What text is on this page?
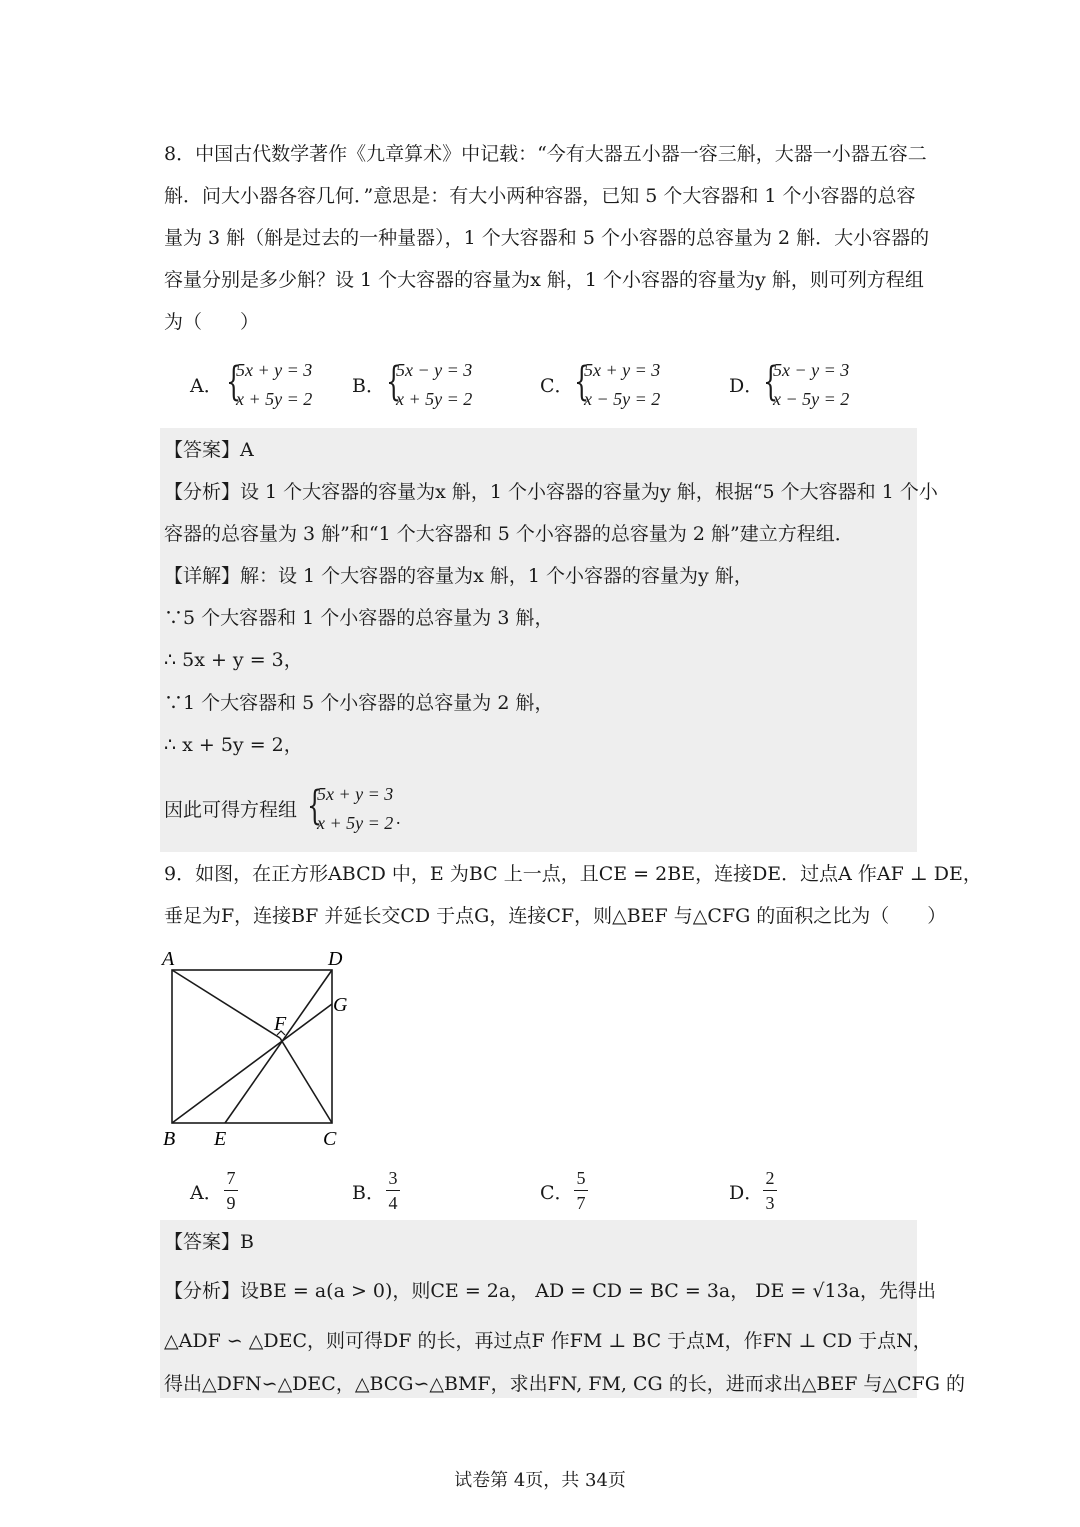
8．中国古代数学著作《九章算术》中记载：“今有大器五小器一容三斛，大器一小器五容二
斛．问大小器各容几何．”意思是：有大小两种容器，已知 5 个大容器和 1 个小容器的总容
量为 3 斛（斛是过去的一种量器），1 个大容器和 5 个小容器的总容量为 2 斛．大小容器的
容量分别是多少斛？设 1 个大容器的容量为x 斛，1 个小容器的容量为y 斛，则可列方程组
为（　　）
A． {
5x + y = 3
x + 5y = 2
B． {
5x − y = 3
x + 5y = 2
C． {
5x + y = 3
x − 5y = 2
D． {
5x − y = 3
x − 5y = 2
【答案】A
【分析】设 1 个大容器的容量为x 斛，1 个小容器的容量为y 斛，根据“5 个大容器和 1 个小
容器的总容量为 3 斛”和“1 个大容器和 5 个小容器的总容量为 2 斛”建立方程组．
【详解】解：设 1 个大容器的容量为x 斛，1 个小容器的容量为y 斛，
∵5 个大容器和 1 个小容器的总容量为 3 斛，
∴ 5x + y = 3，
∵1 个大容器和 5 个小容器的总容量为 2 斛，
∴ x + 5y = 2，
因此可得方程组 {
5x + y = 3
x + 5y = 2 .
9．如图，在正方形ABCD 中，E 为BC 上一点，且CE = 2BE，连接DE．过点A 作AF ⊥ DE，
垂足为F，连接BF 并延长交CD 于点G，连接CF，则△BEF 与△CFG 的面积之比为（　　）
A	D
G
F
B E	C
A．
7
9	B．
3
4	C．
5
7	D．
2
3
【答案】B
【分析】设BE = a(a > 0)，则CE = 2a， AD = CD = BC = 3a， DE = √13a，先得出
△ADF ∽ △DEC，则可得DF 的长，再过点F 作FM ⊥ BC 于点M，作FN ⊥ CD 于点N，
得出△DFN∽△DEC，△BCG∽△BMF，求出FN, FM, CG 的长，进而求出△BEF 与△CFG 的
试卷第 4页，共 34页
